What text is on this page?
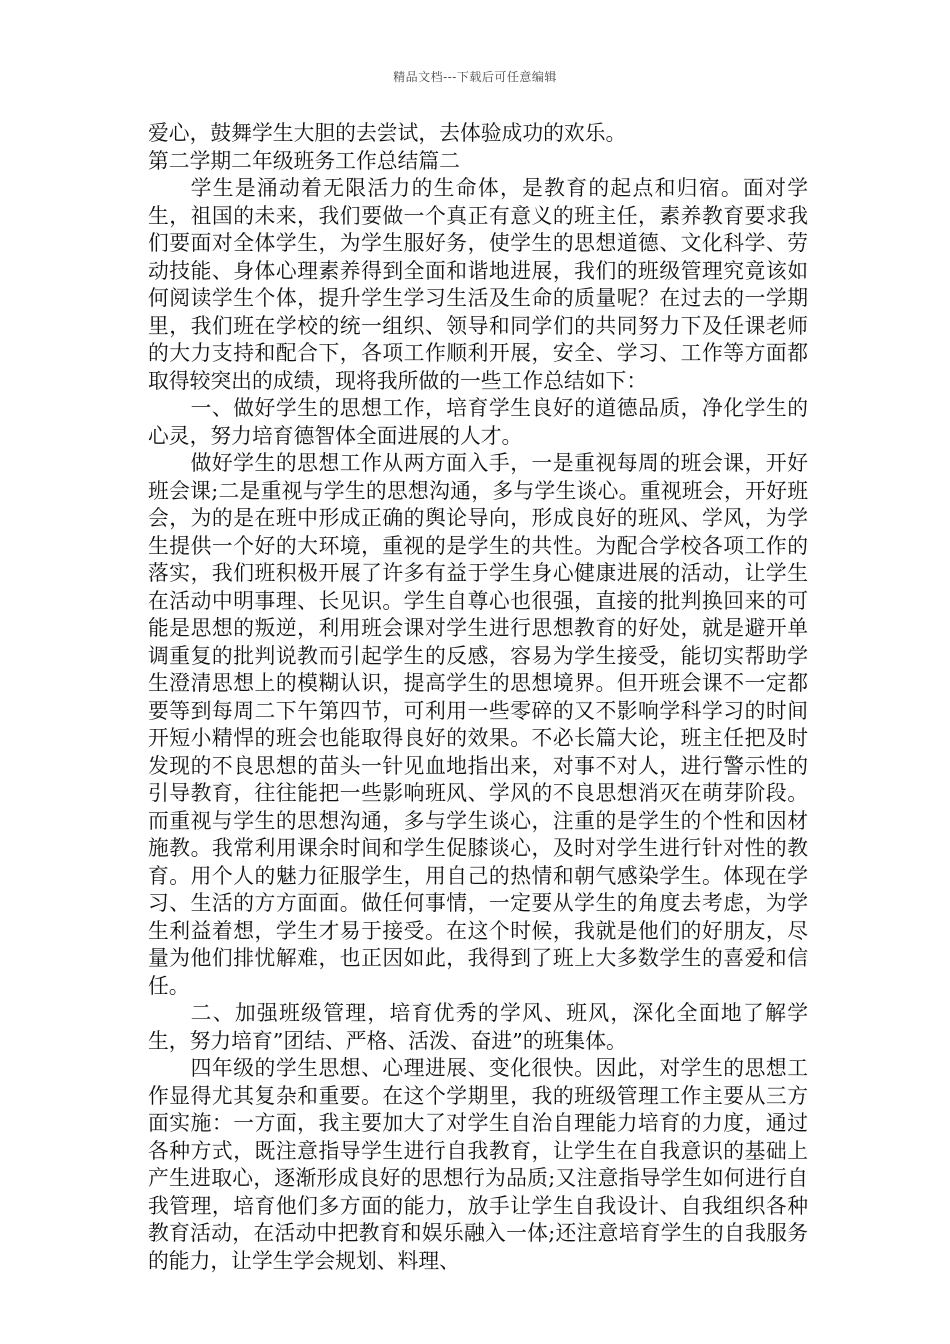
精品文档---下载后可任意编辑

爱心，鼓舞学生大胆的去尝试，去体验成功的欢乐。

第二学期二年级班务工作总结篇二

学生是涌动着无限活力的生命体，是教育的起点和归宿。面对学生，祖国的未来，我们要做一个真正有意义的班主任，素养教育要求我们要面对全体学生，为学生服好务，使学生的思想道德、文化科学、劳动技能、身体心理素养得到全面和谐地进展，我们的班级管理究竟该如何阅读学生个体，提升学生学习生活及生命的质量呢？在过去的一学期里，我们班在学校的统一组织、领导和同学们的共同努力下及任课老师的大力支持和配合下，各项工作顺利开展，安全、学习、工作等方面都取得较突出的成绩，现将我所做的一些工作总结如下：

一、做好学生的思想工作，培育学生良好的道德品质，净化学生的心灵，努力培育德智体全面进展的人才。

做好学生的思想工作从两方面入手，一是重视每周的班会课，开好班会课;二是重视与学生的思想沟通，多与学生谈心。重视班会，开好班会，为的是在班中形成正确的舆论导向，形成良好的班风、学风，为学生提供一个好的大环境，重视的是学生的共性。为配合学校各项工作的落实，我们班积极开展了许多有益于学生身心健康进展的活动，让学生在活动中明事理、长见识。学生自尊心也很强，直接的批判换回来的可能是思想的叛逆，利用班会课对学生进行思想教育的好处，就是避开单调重复的批判说教而引起学生的反感，容易为学生接受，能切实帮助学生澄清思想上的模糊认识，提高学生的思想境界。但开班会课不一定都要等到每周二下午第四节，可利用一些零碎的又不影响学科学习的时间开短小精悍的班会也能取得良好的效果。不必长篇大论，班主任把及时发现的不良思想的苗头一针见血地指出来，对事不对人，进行警示性的引导教育，往往能把一些影响班风、学风的不良思想消灭在萌芽阶段。而重视与学生的思想沟通，多与学生谈心，注重的是学生的个性和因材施教。我常利用课余时间和学生促膝谈心，及时对学生进行针对性的教育。用个人的魅力征服学生，用自己的热情和朝气感染学生。体现在学习、生活的方方面面。做任何事情，一定要从学生的角度去考虑，为学生利益着想，学生才易于接受。在这个时候，我就是他们的好朋友，尽量为他们排忧解难，也正因如此，我得到了班上大多数学生的喜爱和信任。

二、加强班级管理，培育优秀的学风、班风，深化全面地了解学生，努力培育”团结、严格、活泼、奋进”的班集体。

四年级的学生思想、心理进展、变化很快。因此，对学生的思想工作显得尤其复杂和重要。在这个学期里，我的班级管理工作主要从三方面实施：一方面，我主要加大了对学生自治自理能力培育的力度，通过各种方式，既注意指导学生进行自我教育，让学生在自我意识的基础上产生进取心，逐渐形成良好的思想行为品质;又注意指导学生如何进行自我管理，培育他们多方面的能力，放手让学生自我设计、自我组织各种教育活动，在活动中把教育和娱乐融入一体;还注意培育学生的自我服务的能力，让学生学会规划、料理、
